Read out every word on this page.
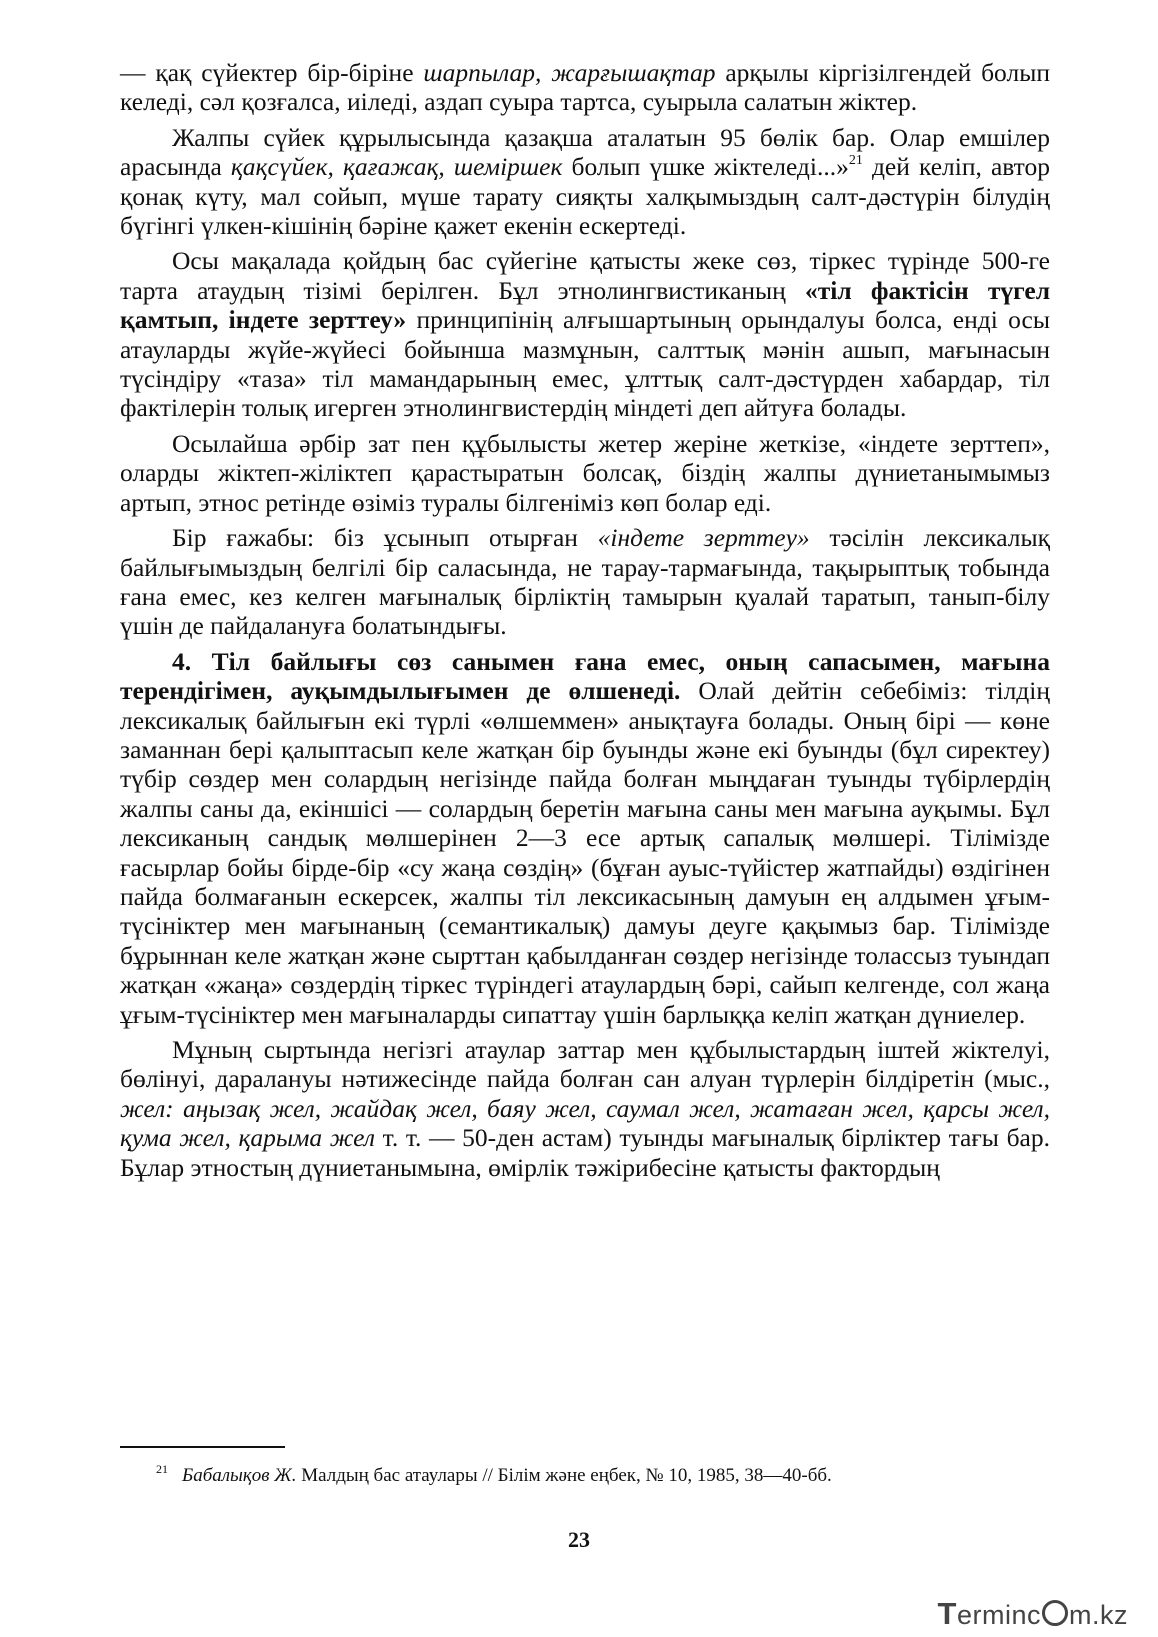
— қақ сүйектер бір-біріне шарпылар, жарғышақтар арқылы кіргізілгендей болып келеді, сәл қозғалса, иіледі, аздап суыра тартса, суырыла салатын жіктер.

Жалпы сүйек құрылысында қазақша аталатын 95 бөлік бар. Олар емшілер арасында қақсүйек, қағажақ, шеміршек болып үшке жіктеледі...»$^{21}$ дей келіп, автор қонақ күту, мал сойып, мүше тарату сияқты халқымыздың салт-дәстүрін білудің бүгінгі үлкен-кішінің бәріне қажет екенін ескертеді.

Осы мақалада қойдың бас сүйегіне қатысты жеке сөз, тіркес түрінде 500-ге тарта атаудың тізімі берілген. Бұл этнолингвистиканың «тіл фактісін түгел қамтып, індете зерттеу» принципінің алғышартының орындалуы болса, енді осы атауларды жүйе-жүйесі бойынша мазмұнын, салттық мәнін ашып, мағынасын түсіндіру «таза» тіл мамандарының емес, ұлттық салт-дәстүрден хабардар, тіл фактілерін толық игерген этнолингвистердің міндеті деп айтуға болады.

Осылайша әрбір зат пен құбылысты жетер жеріне жеткізе, «індете зерттеп», оларды жіктеп-жіліктеп қарастыратын болсақ, біздің жалпы дүниетанымымыз артып, этнос ретінде өзіміз туралы білгеніміз көп болар еді.

Бір ғажабы: біз ұсынып отырған «індете зерттеу» тәсілін лексикалық байлығымыздың белгілі бір саласында, не тарау-тармағында, тақырыптық тобында ғана емес, кез келген мағыналық бірліктің тамырын қуалай таратып, танып-білу үшін де пайдалануға болатындығы.

4. Тіл байлығы сөз санымен ғана емес, оның сапасымен, мағына терендігімен, ауқымдылығымен де өлшенеді. Олай дейтін себебіміз: тілдің лексикалық байлығын екі түрлі «өлшеммен» анықтауға болады. Оның бірі — көне заманнан бері қалыптасып келе жатқан бір буынды және екі буынды (бұл сиректеу) түбір сөздер мен солардың негізінде пайда болған мыңдаған туынды түбірлердің жалпы саны да, екіншісі — солардың беретін мағына саны мен мағына ауқымы. Бұл лексиканың сандық мөлшерінен 2—3 есе артық сапалық мөлшері. Тілімізде ғасырлар бойы бірде-бір «су жаңа сөздің» (бұған ауыс-түйістер жатпайды) өздігінен пайда болмағанын ескерсек, жалпы тіл лексикасының дамуын ең алдымен ұғым-түсініктер мен мағынаның (семантикалық) дамуы деуге қақымыз бар. Тілімізде бұрыннан келе жатқан және сырттан қабылданған сөздер негізінде толассыз туындап жатқан «жаңа» сөздердің тіркес түріндегі атаулардың бәрі, сайып келгенде, сол жаңа ұғым-түсініктер мен мағыналарды сипаттау үшін барлыққа келіп жатқан дүниелер.

Мұның сыртында негізгі атаулар заттар мен құбылыстардың іштей жіктелуі, бөлінуі, даралануы нәтижесінде пайда болған сан алуан түрлерін білдіретін (мыс., жел: аңызақ жел, жайдақ жел, баяу жел, саумал жел, жатаған жел, қарсы жел, қума жел, қарыма жел т. т. — 50-ден астам) туынды мағыналық бірліктер тағы бар. Бұлар этностың дүниетанымына, өмірлік тәжірибесіне қатысты фактордың

$^{21}$ Бабалықов Ж. Малдың бас атаулары // Білім және еңбек, № 10, 1985, 38—40-бб.
23
Terminc m.kz
